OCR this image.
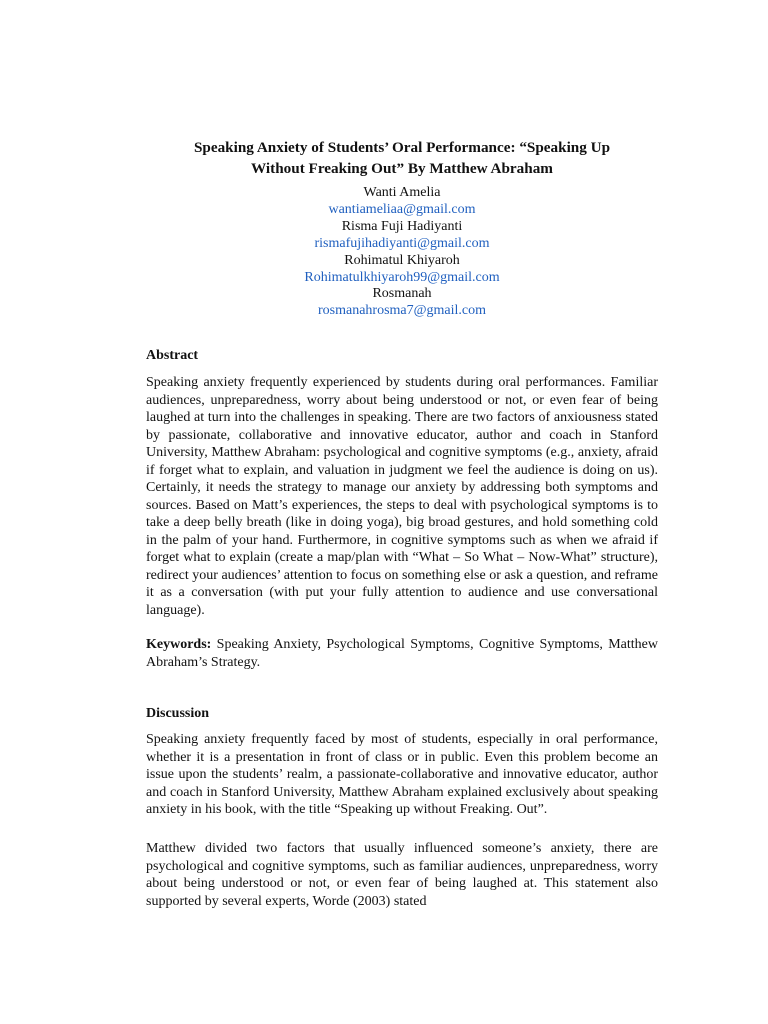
Speaking Anxiety of Students’ Oral Performance: “Speaking Up
Without Freaking Out” By Matthew Abraham
Wanti Amelia
wantiameliaa@gmail.com
Risma Fuji Hadiyanti
rismafujihadiyanti@gmail.com
Rohimatul Khiyaroh
Rohimatulkhiyaroh99@gmail.com
Rosmanah
rosmanahrosma7@gmail.com
Abstract

Speaking anxiety frequently experienced by students during oral performances. Familiar audiences, unpreparedness, worry about being understood or not, or even fear of being laughed at turn into the challenges in speaking. There are two factors of anxiousness stated by passionate, collaborative and innovative educator, author and coach in Stanford University, Matthew Abraham: psychological and cognitive symptoms (e.g., anxiety, afraid if forget what to explain, and valuation in judgment we feel the audience is doing on us). Certainly, it needs the strategy to manage our anxiety by addressing both symptoms and sources. Based on Matt’s experiences, the steps to deal with psychological symptoms is to take a deep belly breath (like in doing yoga), big broad gestures, and hold something cold in the palm of your hand. Furthermore, in cognitive symptoms such as when we afraid if forget what to explain (create a map/plan with “What – So What – Now-What” structure), redirect your audiences’ attention to focus on something else or ask a question, and reframe it as a conversation (with put your fully attention to audience and use conversational language).

Keywords: Speaking Anxiety, Psychological Symptoms, Cognitive Symptoms, Matthew Abraham’s Strategy.

Discussion

Speaking anxiety frequently faced by most of students, especially in oral performance, whether it is a presentation in front of class or in public. Even this problem become an issue upon the students’ realm, a passionate-collaborative and innovative educator, author and coach in Stanford University, Matthew Abraham explained exclusively about speaking anxiety in his book, with the title “Speaking up without Freaking. Out”.

Matthew divided two factors that usually influenced someone’s anxiety, there are psychological and cognitive symptoms, such as familiar audiences, unpreparedness, worry about being understood or not, or even fear of being laughed at. This statement also supported by several experts, Worde (2003) stated
